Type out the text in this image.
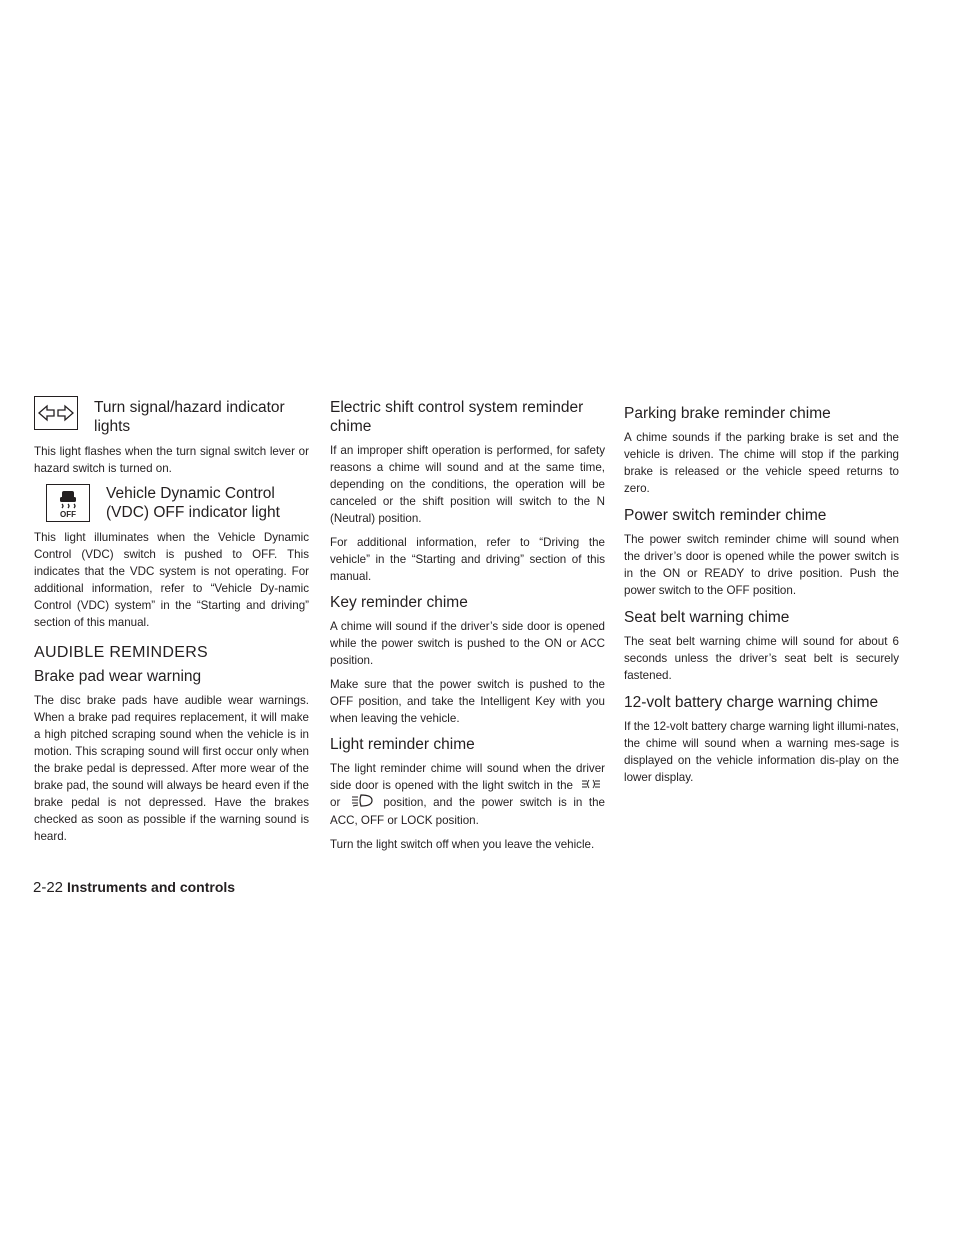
Turn signal/hazard indicator lights

This light flashes when the turn signal switch lever or hazard switch is turned on.

OFF
Vehicle Dynamic Control (VDC) OFF indicator light

This light illuminates when the Vehicle Dynamic Control (VDC) switch is pushed to OFF. This indicates that the VDC system is not operating. For additional information, refer to “Vehicle Dy-namic Control (VDC) system” in the “Starting and driving” section of this manual.

AUDIBLE REMINDERS
Brake pad wear warning

The disc brake pads have audible wear warnings. When a brake pad requires replacement, it will make a high pitched scraping sound when the vehicle is in motion. This scraping sound will first occur only when the brake pedal is depressed. After more wear of the brake pad, the sound will always be heard even if the brake pedal is not depressed. Have the brakes checked as soon as possible if the warning sound is heard.

Electric shift control system reminder chime

If an improper shift operation is performed, for safety reasons a chime will sound and at the same time, depending on the conditions, the operation will be canceled or the shift position will switch to the N (Neutral) position.

For additional information, refer to “Driving the vehicle” in the “Starting and driving” section of this manual.

Key reminder chime

A chime will sound if the driver’s side door is opened while the power switch is pushed to the ON or ACC position.

Make sure that the power switch is pushed to the OFF position, and take the Intelligent Key with you when leaving the vehicle.

Light reminder chime

The light reminder chime will sound when the driver side door is opened with the light switch in the  or	position, and the power switch is in the ACC, OFF or LOCK position.

Turn the light switch off when you leave the vehicle.

Parking brake reminder chime

A chime sounds if the parking brake is set and the vehicle is driven. The chime will stop if the parking brake is released or the vehicle speed returns to zero.

Power switch reminder chime

The power switch reminder chime will sound when the driver’s door is opened while the power switch is in the ON or READY to drive position. Push the power switch to the OFF position.

Seat belt warning chime

The seat belt warning chime will sound for about 6 seconds unless the driver’s seat belt is securely fastened.

12-volt battery charge warning chime

If the 12-volt battery charge warning light illumi-nates, the chime will sound when a warning mes-sage is displayed on the vehicle information dis-play on the lower display.

2-22 Instruments and controls
